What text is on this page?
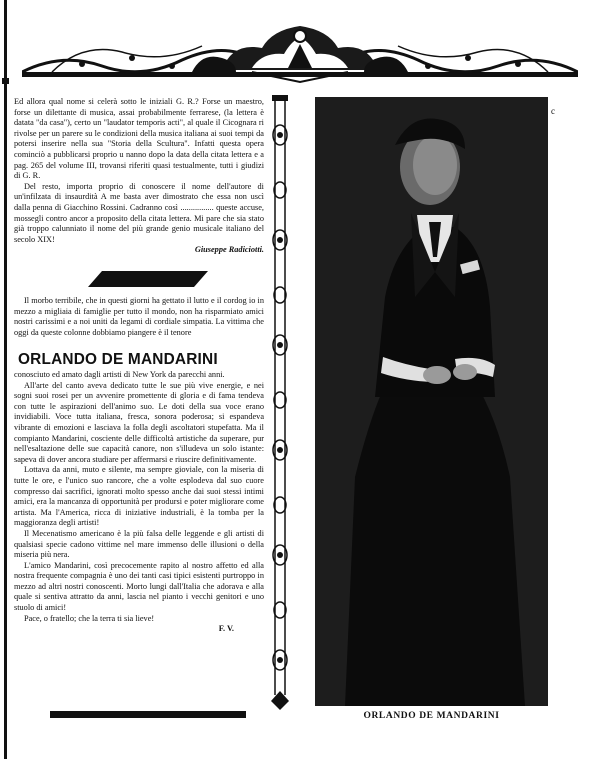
Ed allora qual nome si celerà sotto le iniziali G. R.? Forse un maestro, forse un dilettante di musica, assai probabilmente ferrarese, (la lettera è datata "da casa"), certo un "laudator temporis acti", al quale il Cicognara ri rivolse per un parere su le condizioni della musica italiana ai suoi tempi da potersi inserire nella sua "Storia della Scultura". Infatti questa opera cominciò a pubblicarsi proprio u nanno dopo la data della citata lettera e a pag. 265 del volume III, trovansi riferiti quasi testualmente, tutti i giudizi di G. R.

Del resto, importa proprio di conoscere il nome dell'autore di un'infilzata di insaurdità A me basta aver dimostrato che essa non uscì dalla penna di Giacchino Rossini. Cadranno così ................ queste accuse, mossegli contro ancor a proposito della citata lettera. Mi pare che sia stato già troppo calunniato il nome del più grande genio musicale italiano del secolo XIX!

Giuseppe Radiciotti.

Il morbo terribile, che in questi giorni ha gettato il lutto e il cordog io in mezzo a migliaia di famiglie per tutto il mondo, non ha risparmiato amici nostri carissimi e a noi uniti da legami di cordiale simpatia. La vittima che oggi da queste colonne dobbiamo piangere è il tenore

ORLANDO DE MANDARINI

conosciuto ed amato dagli artisti di New York da parecchi anni.

All'arte del canto aveva dedicato tutte le sue più vive energie, e nei sogni suoi rosei per un avvenire promettente di gloria e di fama tendeva con tutte le aspirazioni dell'animo suo. Le doti della sua voce erano invidiabili. Voce tutta italiana, fresca, sonora poderosa; si espandeva vibrante di emozioni e lasciava la folla degli ascoltatori stupefatta. Ma il compianto Mandarini, cosciente delle difficoltà artistiche da superare, pur nell'esaltazione delle sue capacità canore, non s'illudeva un solo istante: sapeva di dover ancora studiare per affermarsi e riuscire definitivamente.

Lottava da anni, muto e silente, ma sempre gioviale, con la miseria di tutte le ore, e l'unico suo rancore, che a volte esplodeva dal suo cuore compresso dai sacrifici, ignorati molto spesso anche dai suoi stessi intimi amici, era la mancanza di opportunità per prodursi e poter migliorare come artista. Ma l'America, ricca di iniziative industriali, è la tomba per la maggioranza degli artisti!

Il Mecenatismo americano è la più falsa delle leggende e gli artisti di qualsiasi specie cadono vittime nel mare immenso delle illusioni o della miseria più nera.

L'amico Mandarini, così precocemente rapito al nostro affetto ed alla nostra frequente compagnia è uno dei tanti casi tipici esistenti purtroppo in mezzo ad altri nostri conoscenti. Morto lungi dall'Italia che adorava e alla quale si sentiva attratto da anni, lascia nel pianto i vecchi genitori e uno stuolo di amici!

Pace, o fratello; che la terra ti sia lieve!

F. V.
ORLANDO DE MANDARINI
c
